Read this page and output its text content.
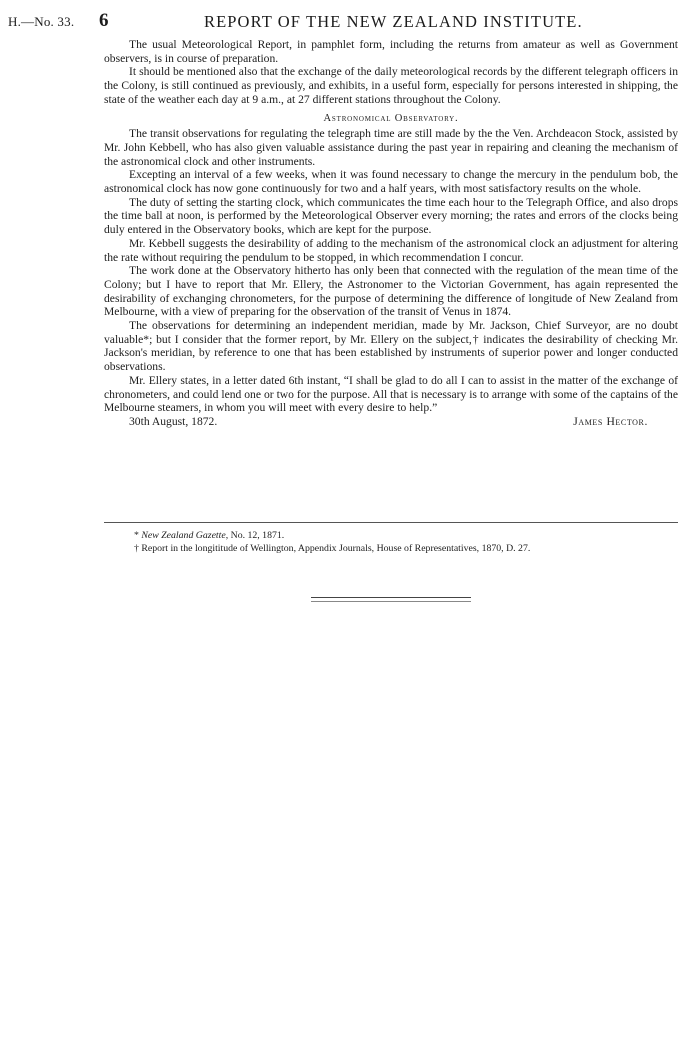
H.—No. 33. 6	REPORT OF THE NEW ZEALAND INSTITUTE.

The usual Meteorological Report, in pamphlet form, including the returns from amateur as well as Government observers, is in course of preparation.

It should be mentioned also that the exchange of the daily meteorological records by the different telegraph officers in the Colony, is still continued as previously, and exhibits, in a useful form, especially for persons interested in shipping, the state of the weather each day at 9 a.m., at 27 different stations throughout the Colony.

Astronomical Observatory.

The transit observations for regulating the telegraph time are still made by the the Ven. Archdeacon Stock, assisted by Mr. John Kebbell, who has also given valuable assistance during the past year in repairing and cleaning the mechanism of the astronomical clock and other instruments.

Excepting an interval of a few weeks, when it was found necessary to change the mercury in the pendulum bob, the astronomical clock has now gone continuously for two and a half years, with most satisfactory results on the whole.

The duty of setting the starting clock, which communicates the time each hour to the Telegraph Office, and also drops the time ball at noon, is performed by the Meteorological Observer every morning; the rates and errors of the clocks being duly entered in the Observatory books, which are kept for the purpose.

Mr. Kebbell suggests the desirability of adding to the mechanism of the astronomical clock an adjustment for altering the rate without requiring the pendulum to be stopped, in which recommendation I concur.

The work done at the Observatory hitherto has only been that connected with the regulation of the mean time of the Colony; but I have to report that Mr. Ellery, the Astronomer to the Victorian Government, has again represented the desirability of exchanging chronometers, for the purpose of determining the difference of longitude of New Zealand from Melbourne, with a view of preparing for the observation of the transit of Venus in 1874.

The observations for determining an independent meridian, made by Mr. Jackson, Chief Surveyor, are no doubt valuable*; but I consider that the former report, by Mr. Ellery on the subject,† indicates the desirability of checking Mr. Jackson's meridian, by reference to one that has been established by instruments of superior power and longer conducted observations.

Mr. Ellery states, in a letter dated 6th instant, “I shall be glad to do all I can to assist in the matter of the exchange of chronometers, and could lend one or two for the purpose. All that is necessary is to arrange with some of the captains of the Melbourne steamers, in whom you will meet with every desire to help.”

30th August, 1872.	James Hector.
* New Zealand Gazette, No. 12, 1871.
† Report in the longititude of Wellington, Appendix Journals, House of Representatives, 1870, D. 27.
